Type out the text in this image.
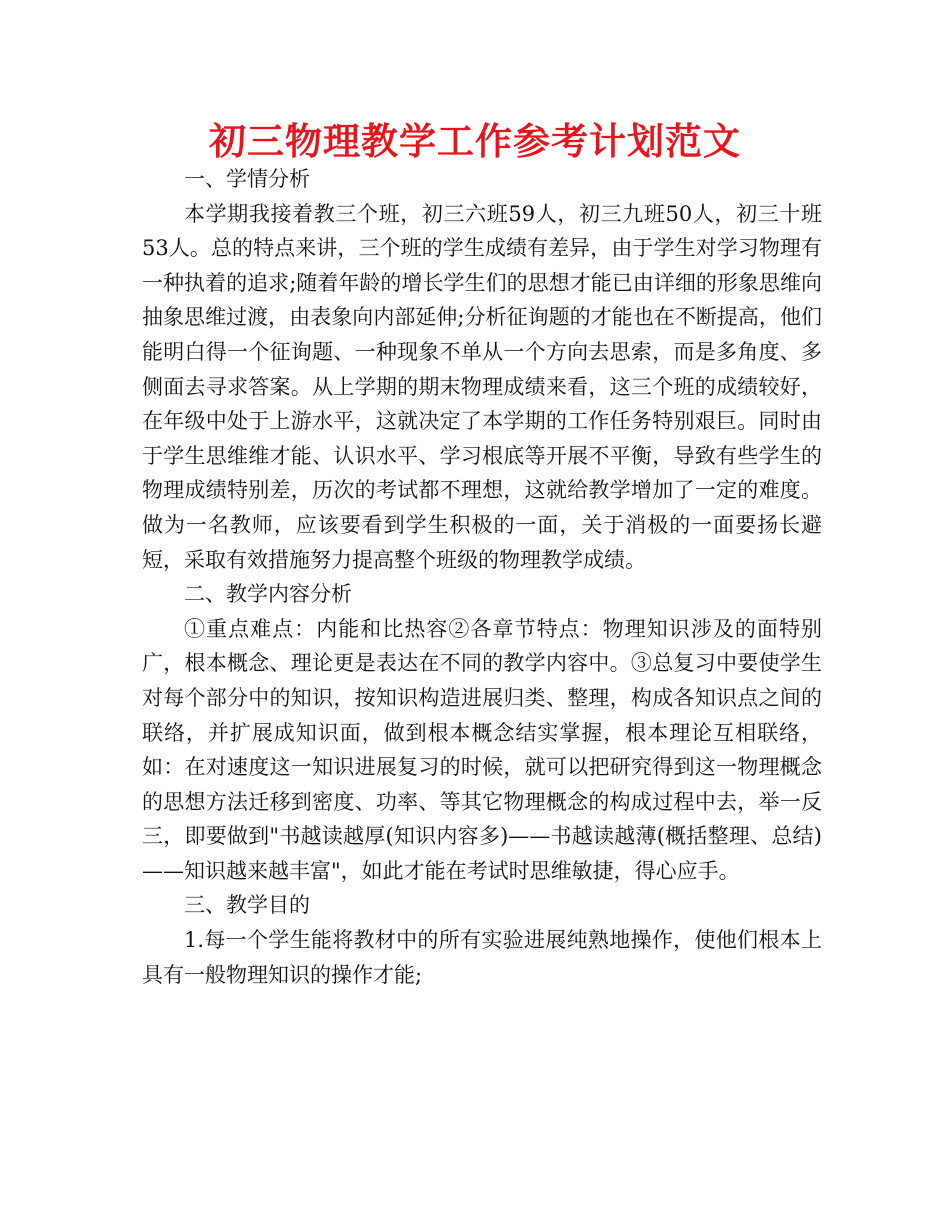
初三物理教学工作参考计划范文

一、学情分析

本学期我接着教三个班，初三六班59人，初三九班50人，初三十班53人。总的特点来讲，三个班的学生成绩有差异，由于学生对学习物理有一种执着的追求;随着年龄的增长学生们的思想才能已由详细的形象思维向抽象思维过渡，由表象向内部延伸;分析征询题的才能也在不断提高，他们能明白得一个征询题、一种现象不单从一个方向去思索，而是多角度、多侧面去寻求答案。从上学期的期末物理成绩来看，这三个班的成绩较好，在年级中处于上游水平，这就决定了本学期的工作任务特别艰巨。同时由于学生思维维才能、认识水平、学习根底等开展不平衡，导致有些学生的物理成绩特别差，历次的考试都不理想，这就给教学增加了一定的难度。做为一名教师，应该要看到学生积极的一面，关于消极的一面要扬长避短，采取有效措施努力提高整个班级的物理教学成绩。

二、教学内容分析

①重点难点：内能和比热容②各章节特点：物理知识涉及的面特别广，根本概念、理论更是表达在不同的教学内容中。③总复习中要使学生对每个部分中的知识，按知识构造进展归类、整理，构成各知识点之间的联络，并扩展成知识面，做到根本概念结实掌握，根本理论互相联络，如：在对速度这一知识进展复习的时候，就可以把研究得到这一物理概念的思想方法迁移到密度、功率、等其它物理概念的构成过程中去，举一反三，即要做到"书越读越厚(知识内容多)——书越读越薄(概括整理、总结)——知识越来越丰富"，如此才能在考试时思维敏捷，得心应手。

三、教学目的

1.每一个学生能将教材中的所有实验进展纯熟地操作，使他们根本上具有一般物理知识的操作才能;
